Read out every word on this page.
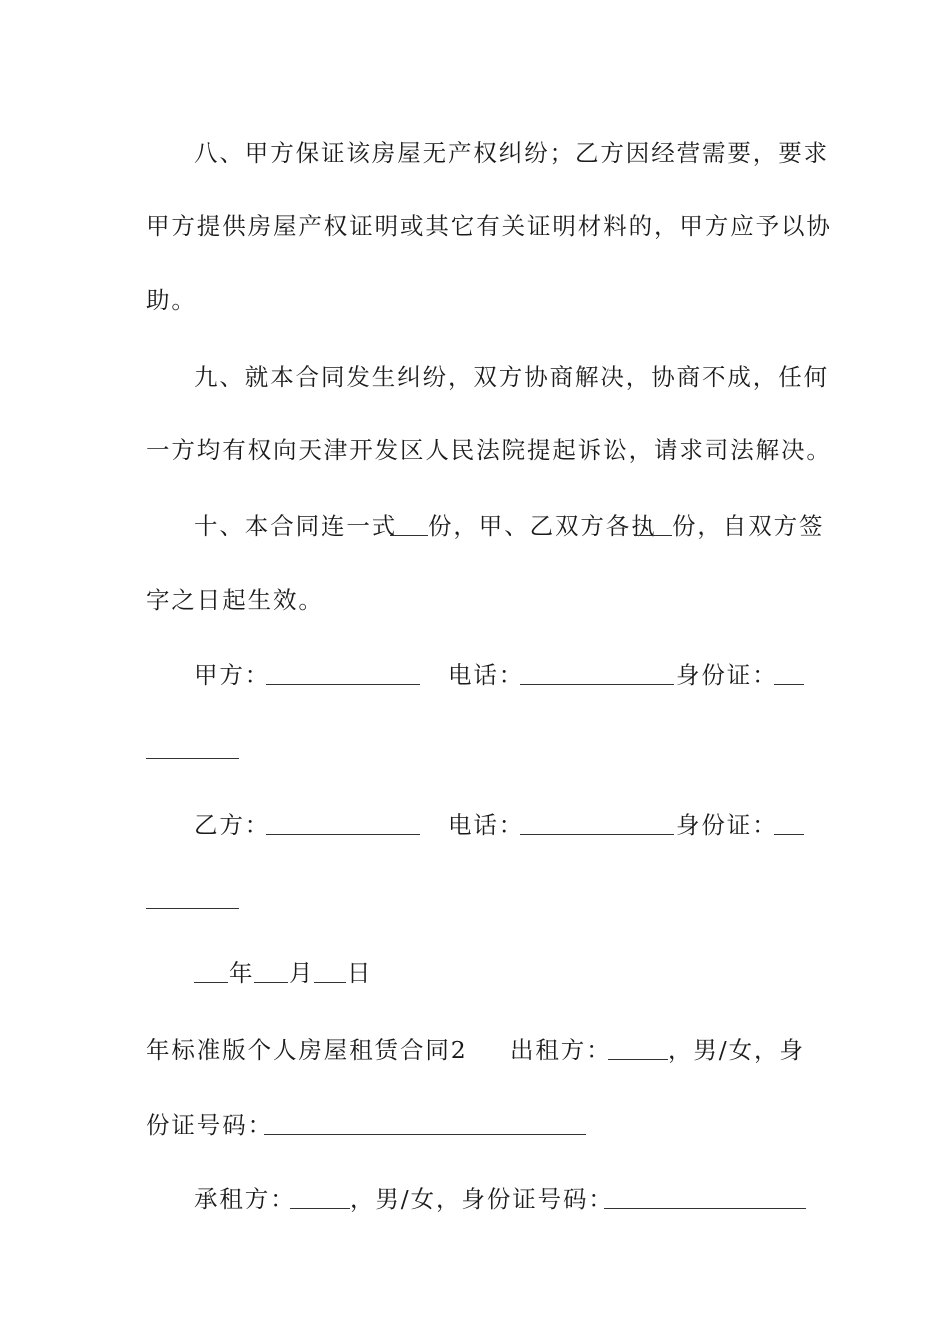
八、甲方保证该房屋无产权纠纷；乙方因经营需要，要求
甲方提供房屋产权证明或其它有关证明材料的，甲方应予以协
助。
九、就本合同发生纠纷，双方协商解决，协商不成，任何
一方均有权向天津开发区人民法院提起诉讼，请求司法解决。
十、本合同连一式 份，甲、乙双方各执 份，自双方签
字之日起生效。
甲方：	电话：	身份证：
乙方：	电话：	身份证：
年 月 日
年标准版个人房屋租赁合同2 出租方： ，男/女，身
份证号码：
承租方： ，男/女，身份证号码：
